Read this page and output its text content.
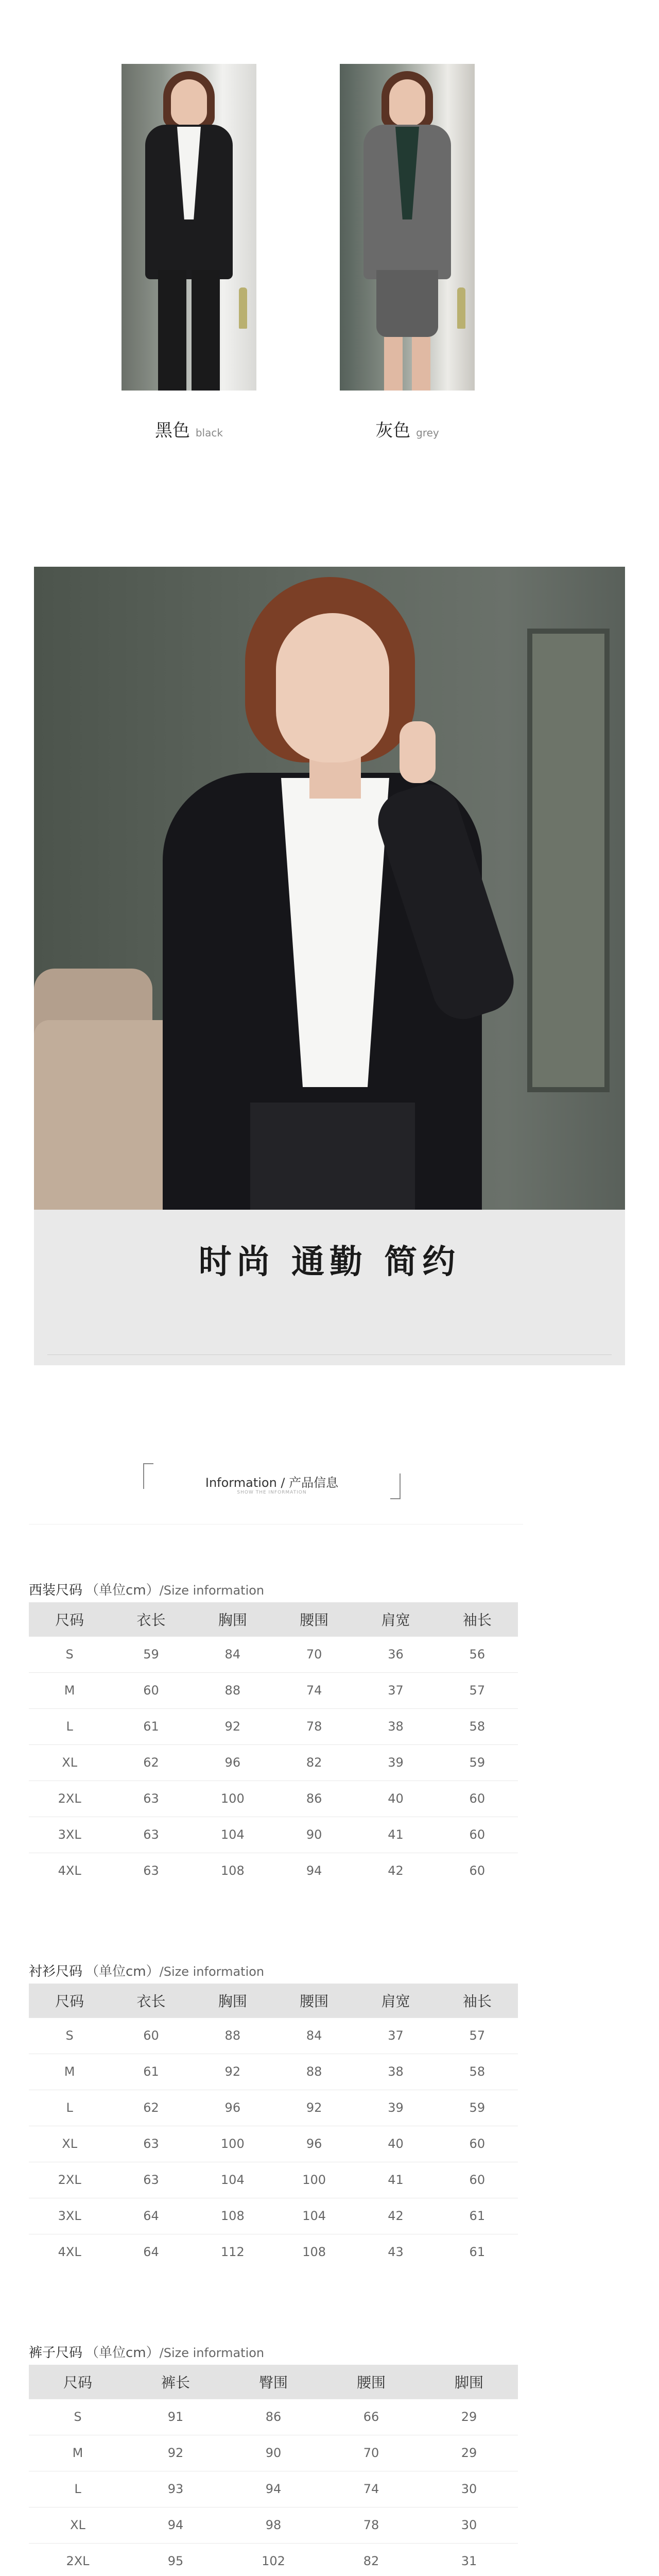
黑色 black	灰色 grey
时尚 通勤 简约
Information / 产品信息
SHOW THE INFORMATION
西装尺码 （单位cm）/Size information
尺码	衣长	胸围	腰围	肩宽	袖长
S	59	84	70	36	56
M	60	88	74	37	57
L	61	92	78	38	58
XL	62	96	82	39	59
2XL	63	100	86	40	60
3XL	63	104	90	41	60
4XL	63	108	94	42	60
衬衫尺码 （单位cm）/Size information
尺码	衣长	胸围	腰围	肩宽	袖长
S	60	88	84	37	57
M	61	92	88	38	58
L	62	96	92	39	59
XL	63	100	96	40	60
2XL	63	104	100	41	60
3XL	64	108	104	42	61
4XL	64	112	108	43	61
裤子尺码 （单位cm）/Size information
尺码	裤长	臀围	腰围	脚围
S	91	86	66	29
M	92	90	70	29
L	93	94	74	30
XL	94	98	78	30
2XL	95	102	82	31
